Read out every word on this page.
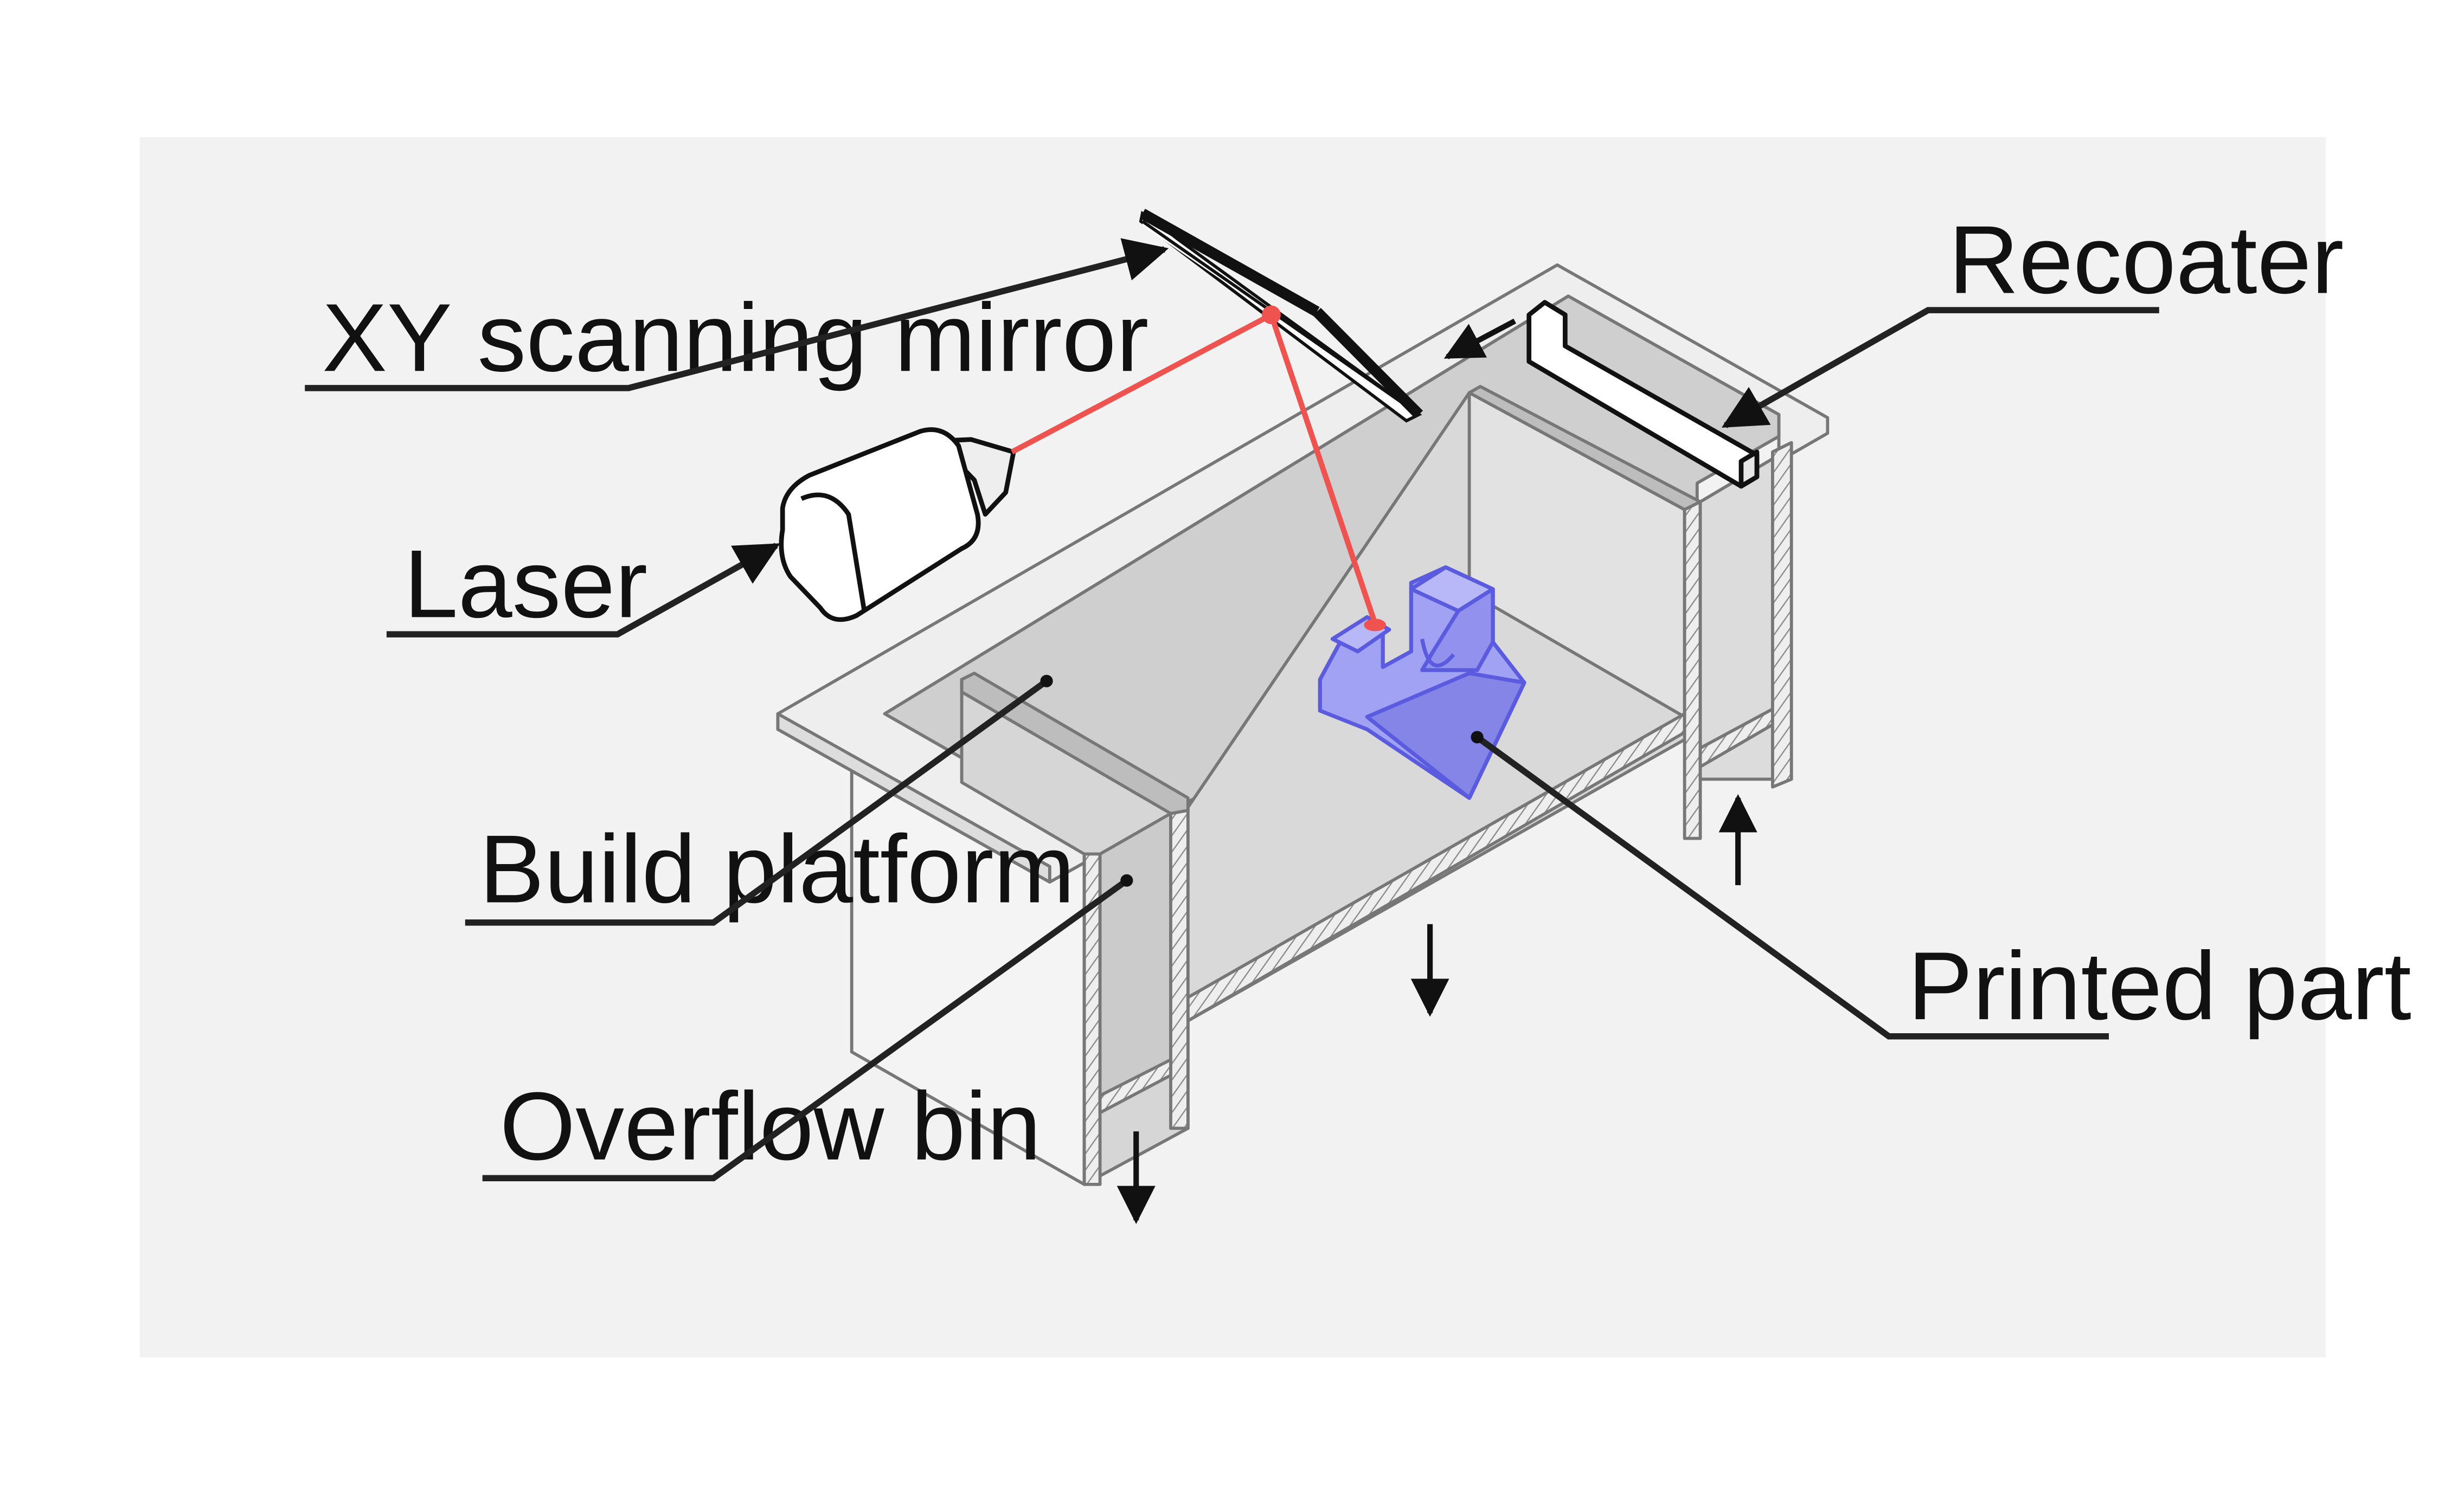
XY scanning mirror
Laser
Build platform
Overflow bin
Recoater
Printed part
